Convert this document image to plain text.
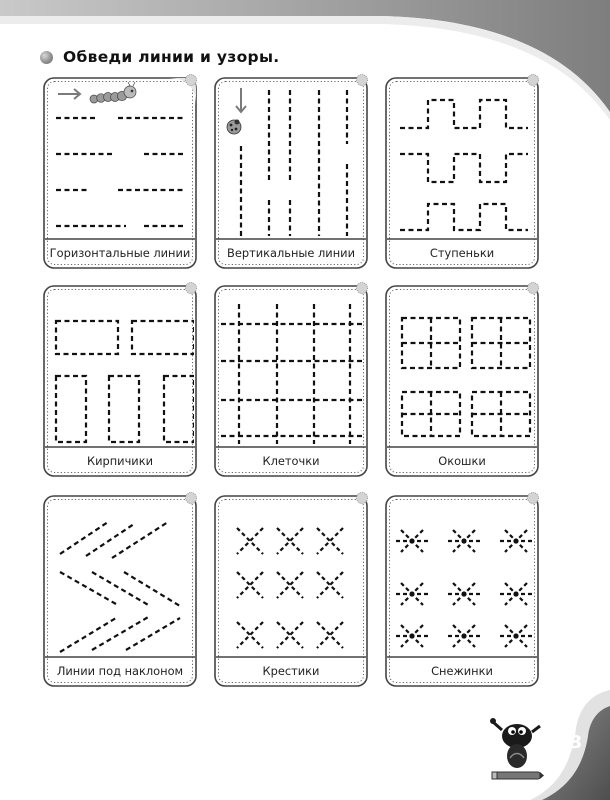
Обведи линии и узоры.
Горизонтальные линии	Вертикальные линии	Ступеньки
Кирпичики	Клеточки	Окошки
Линии под наклоном	Крестики	Снежинки
3
